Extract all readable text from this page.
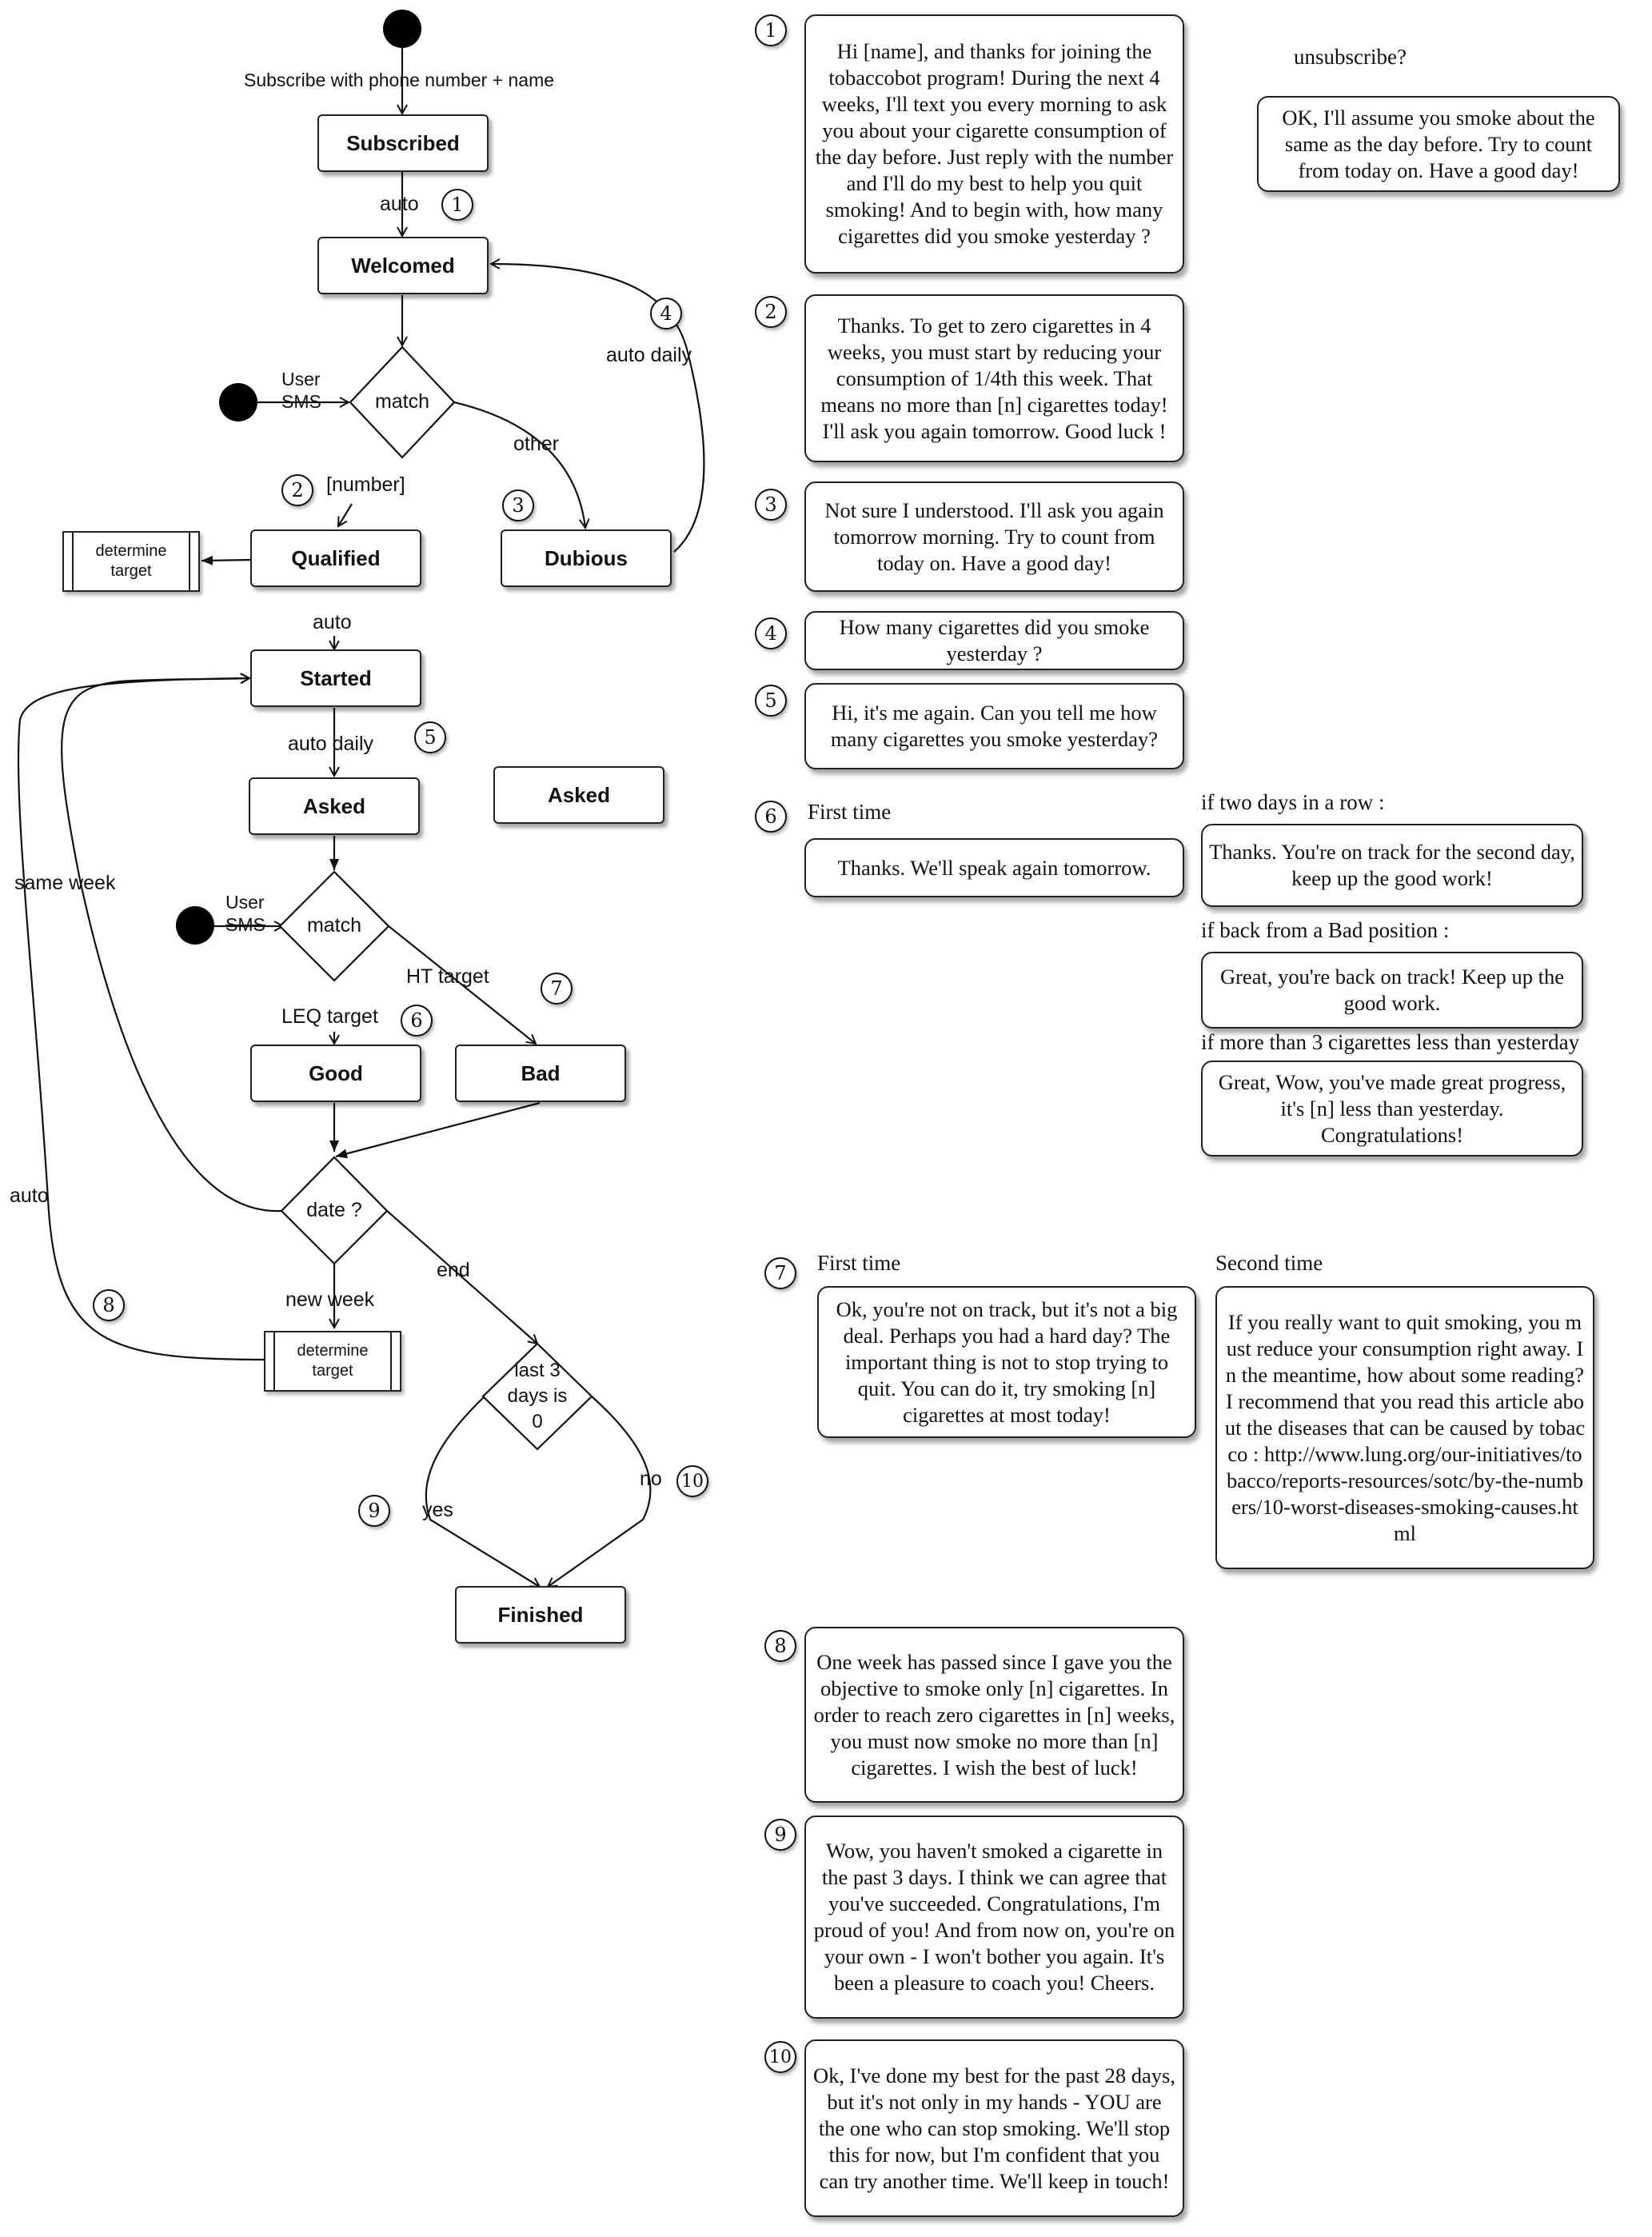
Subscribe with phone number + name
auto
auto daily
User
SMS
other
[number]
auto
auto daily
same week
User
SMS
HT target
LEQ target
auto
end
new week
yes
no
Subscribed
Welcomed
Qualified	Dubious
Started
Asked	Asked
Good	Bad
Finished
determine
target
determine
target
match
match
date ?
last 3
days is
0
1
4
2
3
5
7
6
8
9
10
1
Hi [name], and thanks for joining the tobaccobot program! During the next 4 weeks, I'll text you every morning to ask you about your cigarette consumption of the day before. Just reply with the number and I'll do my best to help you quit smoking! And to begin with, how many cigarettes did you smoke yesterday ?
unsubscribe?
OK, I'll assume you smoke about the same as the day before. Try to count from today on. Have a good day!
2
Thanks. To get to zero cigarettes in 4 weeks, you must start by reducing your consumption of 1/4th this week. That means no more than [n] cigarettes today! I'll ask you again tomorrow. Good luck !
3	Not sure I understood. I'll ask you again tomorrow morning. Try to count from today on. Have a good day!
4	How many cigarettes did you smoke yesterday ?
5	Hi, it's me again. Can you tell me how many cigarettes you smoke yesterday?
6	First time
Thanks. We'll speak again tomorrow.
if two days in a row :
Thanks. You're on track for the second day, keep up the good work!
if back from a Bad position :
Great, you're back on track! Keep up the good work.
if more than 3 cigarettes less than yesterday
Great, Wow, you've made great progress, it's [n] less than yesterday. Congratulations!
7	First time
Ok, you're not on track, but it's not a big deal. Perhaps you had a hard day? The important thing is not to stop trying to quit. You can do it, try smoking [n] cigarettes at most today!
Second time
If you really want to quit smoking, you must reduce your consumption right away. In the meantime, how about some reading? I recommend that you read this article about the diseases that can be caused by tobacco : http://www.lung.org/our-initiatives/tobacco/reports-resources/sotc/by-the-numbers/10-worst-diseases-smoking-causes.html
8
One week has passed since I gave you the objective to smoke only [n] cigarettes. In order to reach zero cigarettes in [n] weeks, you must now smoke no more than [n] cigarettes. I wish the best of luck!
9
Wow, you haven't smoked a cigarette in the past 3 days. I think we can agree that you've succeeded. Congratulations, I'm proud of you! And from now on, you're on your own - I won't bother you again. It's been a pleasure to coach you! Cheers.
10
Ok, I've done my best for the past 28 days, but it's not only in my hands - YOU are the one who can stop smoking. We'll stop this for now, but I'm confident that you can try another time. We'll keep in touch!
